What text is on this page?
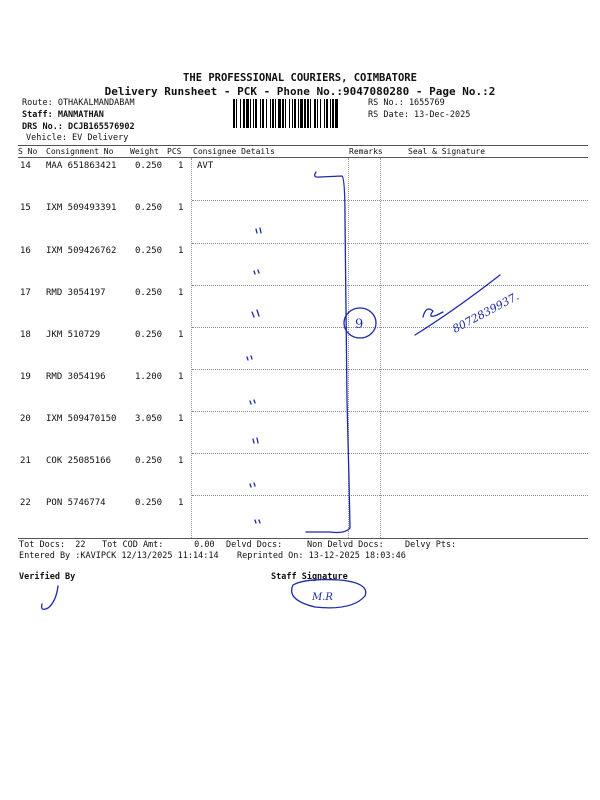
THE PROFESSIONAL COURIERS, COIMBATORE
Delivery Runsheet - PCK - Phone No.:9047080280 - Page No.:2
Route: OTHAKALMANDABAM
Staff: MANMATHAN
DRS No.: DCJB165576902
Vehicle: EV Delivery
RS No.: 1655769
RS Date: 13-Dec-2025
S No Consignment No Weight PCS Consignee Details	Remarks	Seal & Signature
14 MAA 651863421 0.250 1 AVT
15 IXM 509493391 0.250 1
16 IXM 509426762 0.250 1
17 RMD 3054197	0.250 1
18 JKM 510729	0.250 1
19 RMD 3054196	1.200 1
20 IXM 509470150 3.050 1
21 COK 25085166	0.250 1
22 PON 5746774	0.250 1
Tot Docs:  22 Tot COD Amt:      0.00 Delvd Docs:	Non Delvd Docs: Delvy Pts:
Entered By :KAVIPCK 12/13/2025 11:14:14 Reprinted On: 13-12-2025 18:03:46
Verified By	Staff Signature
9	8072839937.
M.R
